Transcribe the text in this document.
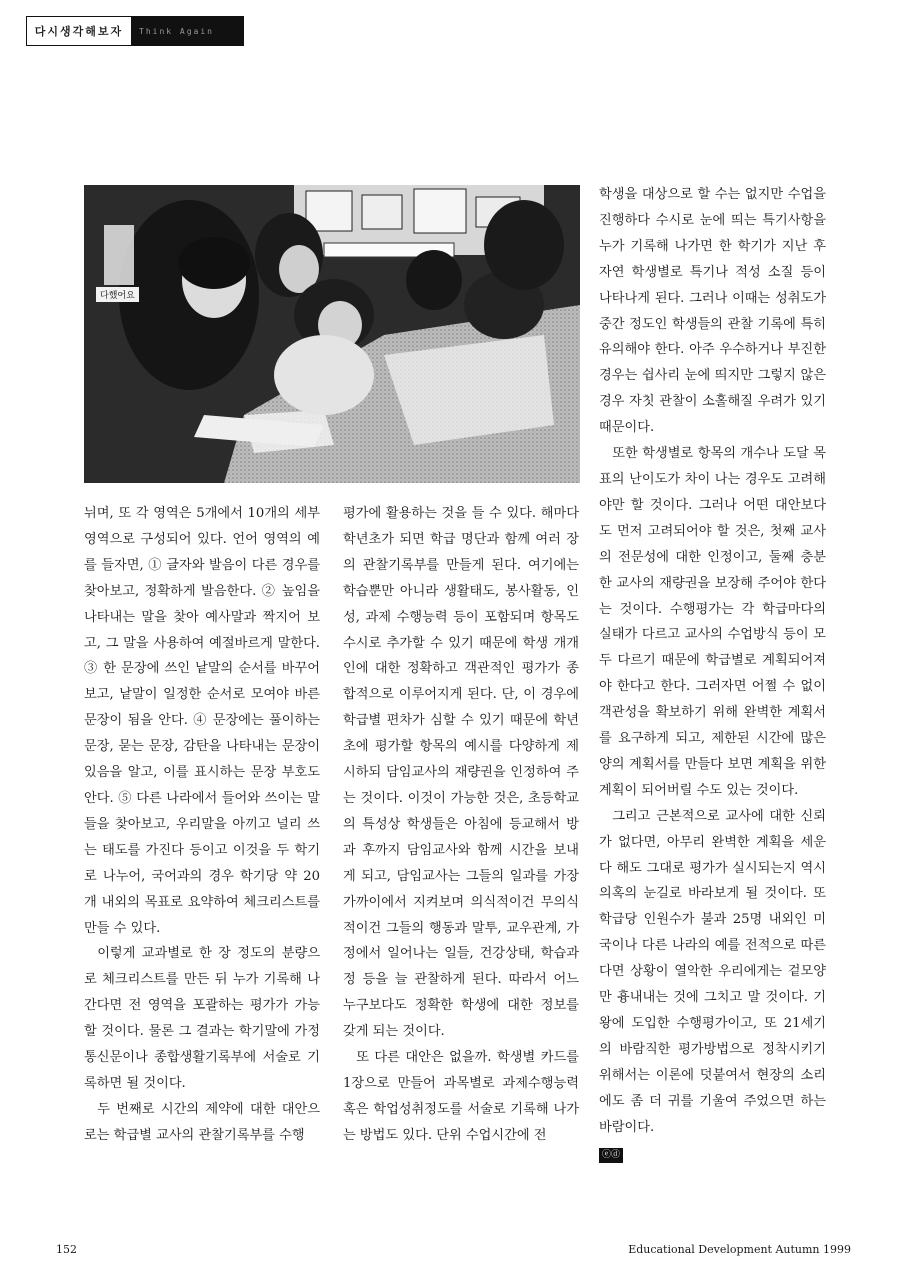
다시생각해보자	Think Again
다했어요

뉘며, 또 각 영역은 5개에서 10개의 세부 영역으로 구성되어 있다. 언어 영역의 예를 들자면, ① 글자와 발음이 다른 경우를 찾아보고, 정확하게 발음한다. ② 높임을 나타내는 말을 찾아 예사말과 짝지어 보고, 그 말을 사용하여 예절바르게 말한다. ③ 한 문장에 쓰인 낱말의 순서를 바꾸어 보고, 낱말이 일정한 순서로 모여야 바른 문장이 됨을 안다. ④ 문장에는 풀이하는 문장, 묻는 문장, 감탄을 나타내는 문장이 있음을 알고, 이를 표시하는 문장 부호도 안다. ⑤ 다른 나라에서 들어와 쓰이는 말들을 찾아보고, 우리말을 아끼고 널리 쓰는 태도를 가진다 등이고 이것을 두 학기로 나누어, 국어과의 경우 학기당 약 20개 내외의 목표로 요약하여 체크리스트를 만들 수 있다.

이렇게 교과별로 한 장 정도의 분량으로 체크리스트를 만든 뒤 누가 기록해 나간다면 전 영역을 포괄하는 평가가 가능할 것이다. 물론 그 결과는 학기말에 가정통신문이나 종합생활기록부에 서술로 기록하면 될 것이다.

두 번째로 시간의 제약에 대한 대안으로는 학급별 교사의 관찰기록부를 수행

평가에 활용하는 것을 들 수 있다. 해마다 학년초가 되면 학급 명단과 함께 여러 장의 관찰기록부를 만들게 된다. 여기에는 학습뿐만 아니라 생활태도, 봉사활동, 인성, 과제 수행능력 등이 포함되며 항목도 수시로 추가할 수 있기 때문에 학생 개개인에 대한 정확하고 객관적인 평가가 종합적으로 이루어지게 된다. 단, 이 경우에 학급별 편차가 심할 수 있기 때문에 학년초에 평가할 항목의 예시를 다양하게 제시하되 담임교사의 재량권을 인정하여 주는 것이다. 이것이 가능한 것은, 초등학교의 특성상 학생들은 아침에 등교해서 방과 후까지 담임교사와 함께 시간을 보내게 되고, 담임교사는 그들의 일과를 가장 가까이에서 지켜보며 의식적이건 무의식적이건 그들의 행동과 말투, 교우관계, 가정에서 일어나는 일들, 건강상태, 학습과정 등을 늘 관찰하게 된다. 따라서 어느 누구보다도 정확한 학생에 대한 정보를 갖게 되는 것이다.

또 다른 대안은 없을까. 학생별 카드를 1장으로 만들어 과목별로 과제수행능력 혹은 학업성취정도를 서술로 기록해 나가는 방법도 있다. 단위 수업시간에 전

학생을 대상으로 할 수는 없지만 수업을 진행하다 수시로 눈에 띄는 특기사항을 누가 기록해 나가면 한 학기가 지난 후 자연 학생별로 특기나 적성 소질 등이 나타나게 된다. 그러나 이때는 성취도가 중간 정도인 학생들의 관찰 기록에 특히 유의해야 한다. 아주 우수하거나 부진한 경우는 쉽사리 눈에 띄지만 그렇지 않은 경우 자칫 관찰이 소홀해질 우려가 있기 때문이다.

또한 학생별로 항목의 개수나 도달 목표의 난이도가 차이 나는 경우도 고려해야만 할 것이다. 그러나 어떤 대안보다도 먼저 고려되어야 할 것은, 첫째 교사의 전문성에 대한 인정이고, 둘째 충분한 교사의 재량권을 보장해 주어야 한다는 것이다. 수행평가는 각 학급마다의 실태가 다르고 교사의 수업방식 등이 모두 다르기 때문에 학급별로 계획되어져야 한다고 한다. 그러자면 어쩔 수 없이 객관성을 확보하기 위해 완벽한 계획서를 요구하게 되고, 제한된 시간에 많은 양의 계획서를 만들다 보면 계획을 위한 계획이 되어버릴 수도 있는 것이다.

그리고 근본적으로 교사에 대한 신뢰가 없다면, 아무리 완벽한 계획을 세운다 해도 그대로 평가가 실시되는지 역시 의혹의 눈길로 바라보게 될 것이다. 또 학급당 인원수가 불과 25명 내외인 미국이나 다른 나라의 예를 전적으로 따른다면 상황이 열악한 우리에게는 겉모양만 흉내내는 것에 그치고 말 것이다. 기왕에 도입한 수행평가이고, 또 21세기의 바람직한 평가방법으로 정착시키기 위해서는 이론에 덧붙여서 현장의 소리에도 좀 더 귀를 기울여 주었으면 하는 바람이다.

ⓔⓓ
152	Educational Development Autumn 1999
